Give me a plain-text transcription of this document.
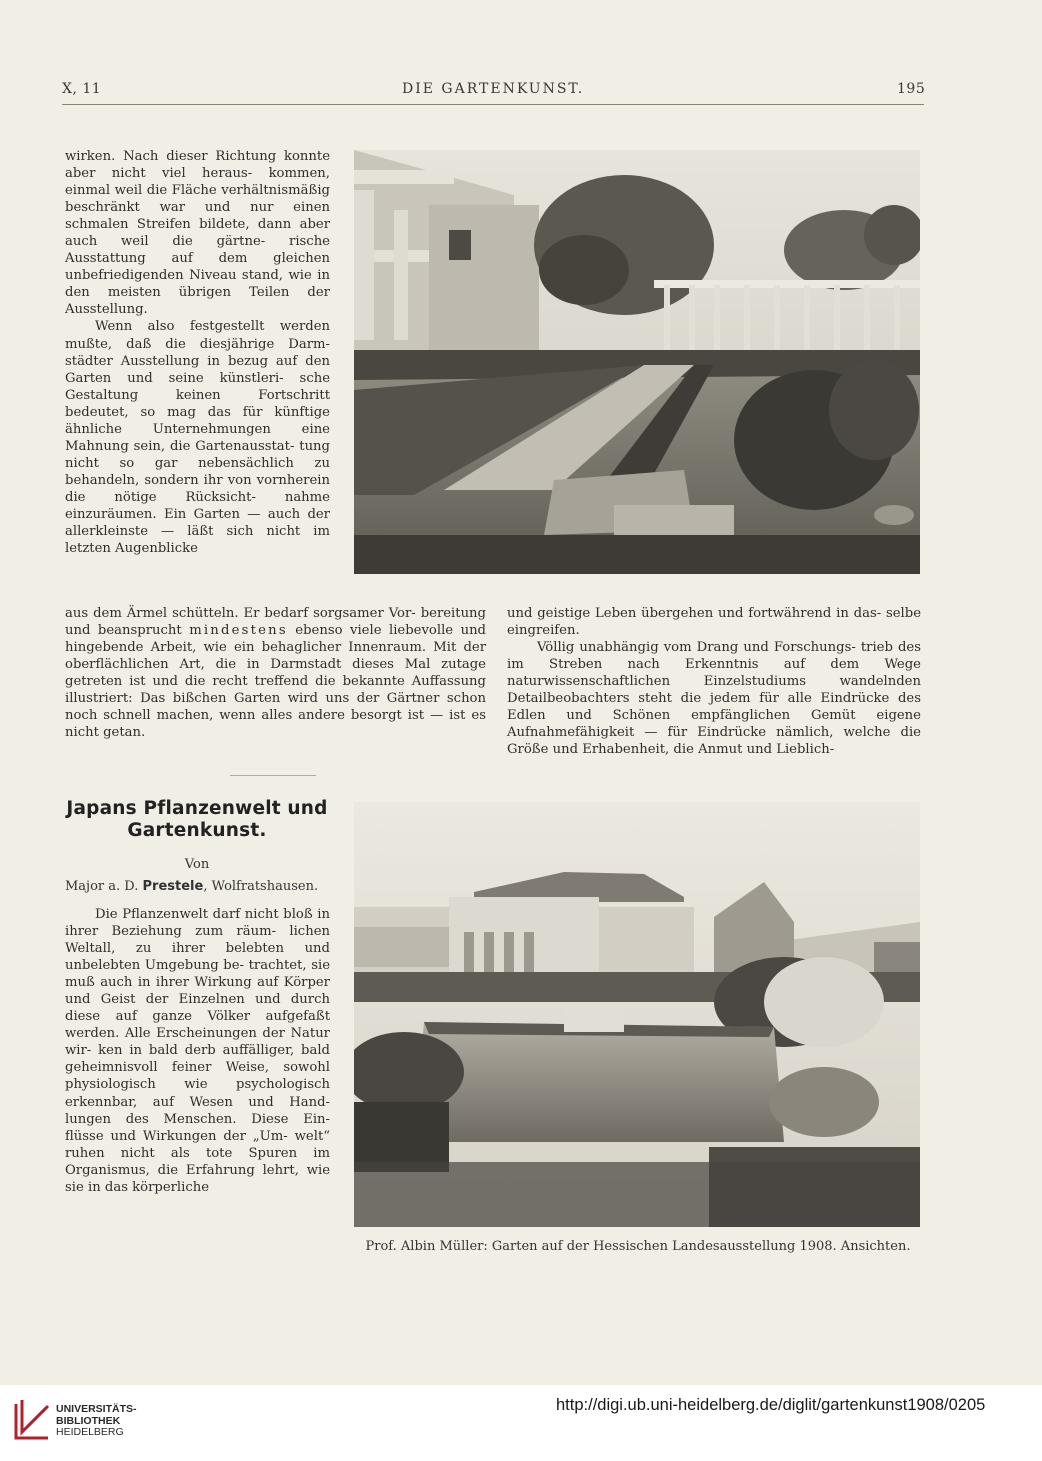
X, 11	DIE GARTENKUNST.	195

wirken. Nach dieser Richtung konnte aber nicht viel heraus- kommen, einmal weil die Fläche verhältnismäßig beschränkt war und nur einen schmalen Streifen bildete, dann aber auch weil die gärtne- rische Ausstattung auf dem gleichen unbefriedigenden Niveau stand, wie in den meisten übrigen Teilen der Ausstellung.

Wenn also festgestellt werden mußte, daß die diesjährige Darm- städter Ausstellung in bezug auf den Garten und seine künstleri- sche Gestaltung keinen Fortschritt bedeutet, so mag das für künftige ähnliche Unternehmungen eine Mahnung sein, die Gartenausstat- tung nicht so gar nebensächlich zu behandeln, sondern ihr von vornherein die nötige Rücksicht- nahme einzuräumen. Ein Garten — auch der allerkleinste — läßt sich nicht im letzten Augenblicke

aus dem Ärmel schütteln. Er bedarf sorgsamer Vor- bereitung und beansprucht mindestens ebenso viele liebevolle und hingebende Arbeit, wie ein behaglicher Innenraum. Mit der oberflächlichen Art, die in Darmstadt dieses Mal zutage getreten ist und die recht treffend die bekannte Auffassung illustriert: Das bißchen Garten wird uns der Gärtner schon noch schnell machen, wenn alles andere besorgt ist — ist es nicht getan.

und geistige Leben übergehen und fortwährend in das- selbe eingreifen.

Völlig unabhängig vom Drang und Forschungs- trieb des im Streben nach Erkenntnis auf dem Wege naturwissenschaftlichen Einzelstudiums wandelnden Detailbeobachters steht die jedem für alle Eindrücke des Edlen und Schönen empfänglichen Gemüt eigene Aufnahmefähigkeit — für Eindrücke nämlich, welche die Größe und Erhabenheit, die Anmut und Lieblich-

Japans Pflanzenwelt und
Gartenkunst.
Von
Major a. D. Prestele, Wolfratshausen.

Die Pflanzenwelt darf nicht bloß in ihrer Beziehung zum räum- lichen Weltall, zu ihrer belebten und unbelebten Umgebung be- trachtet, sie muß auch in ihrer Wirkung auf Körper und Geist der Einzelnen und durch diese auf ganze Völker aufgefaßt werden. Alle Erscheinungen der Natur wir- ken in bald derb auffälliger, bald geheimnisvoll feiner Weise, sowohl physiologisch wie psychologisch erkennbar, auf Wesen und Hand- lungen des Menschen. Diese Ein- flüsse und Wirkungen der „Um- welt“ ruhen nicht als tote Spuren im Organismus, die Erfahrung lehrt, wie sie in das körperliche

Prof. Albin Müller: Garten auf der Hessischen Landesausstellung 1908. Ansichten.
UNIVERSITÄTS-
BIBLIOTHEK
HEIDELBERG
http://digi.ub.uni-heidelberg.de/diglit/gartenkunst1908/0205
